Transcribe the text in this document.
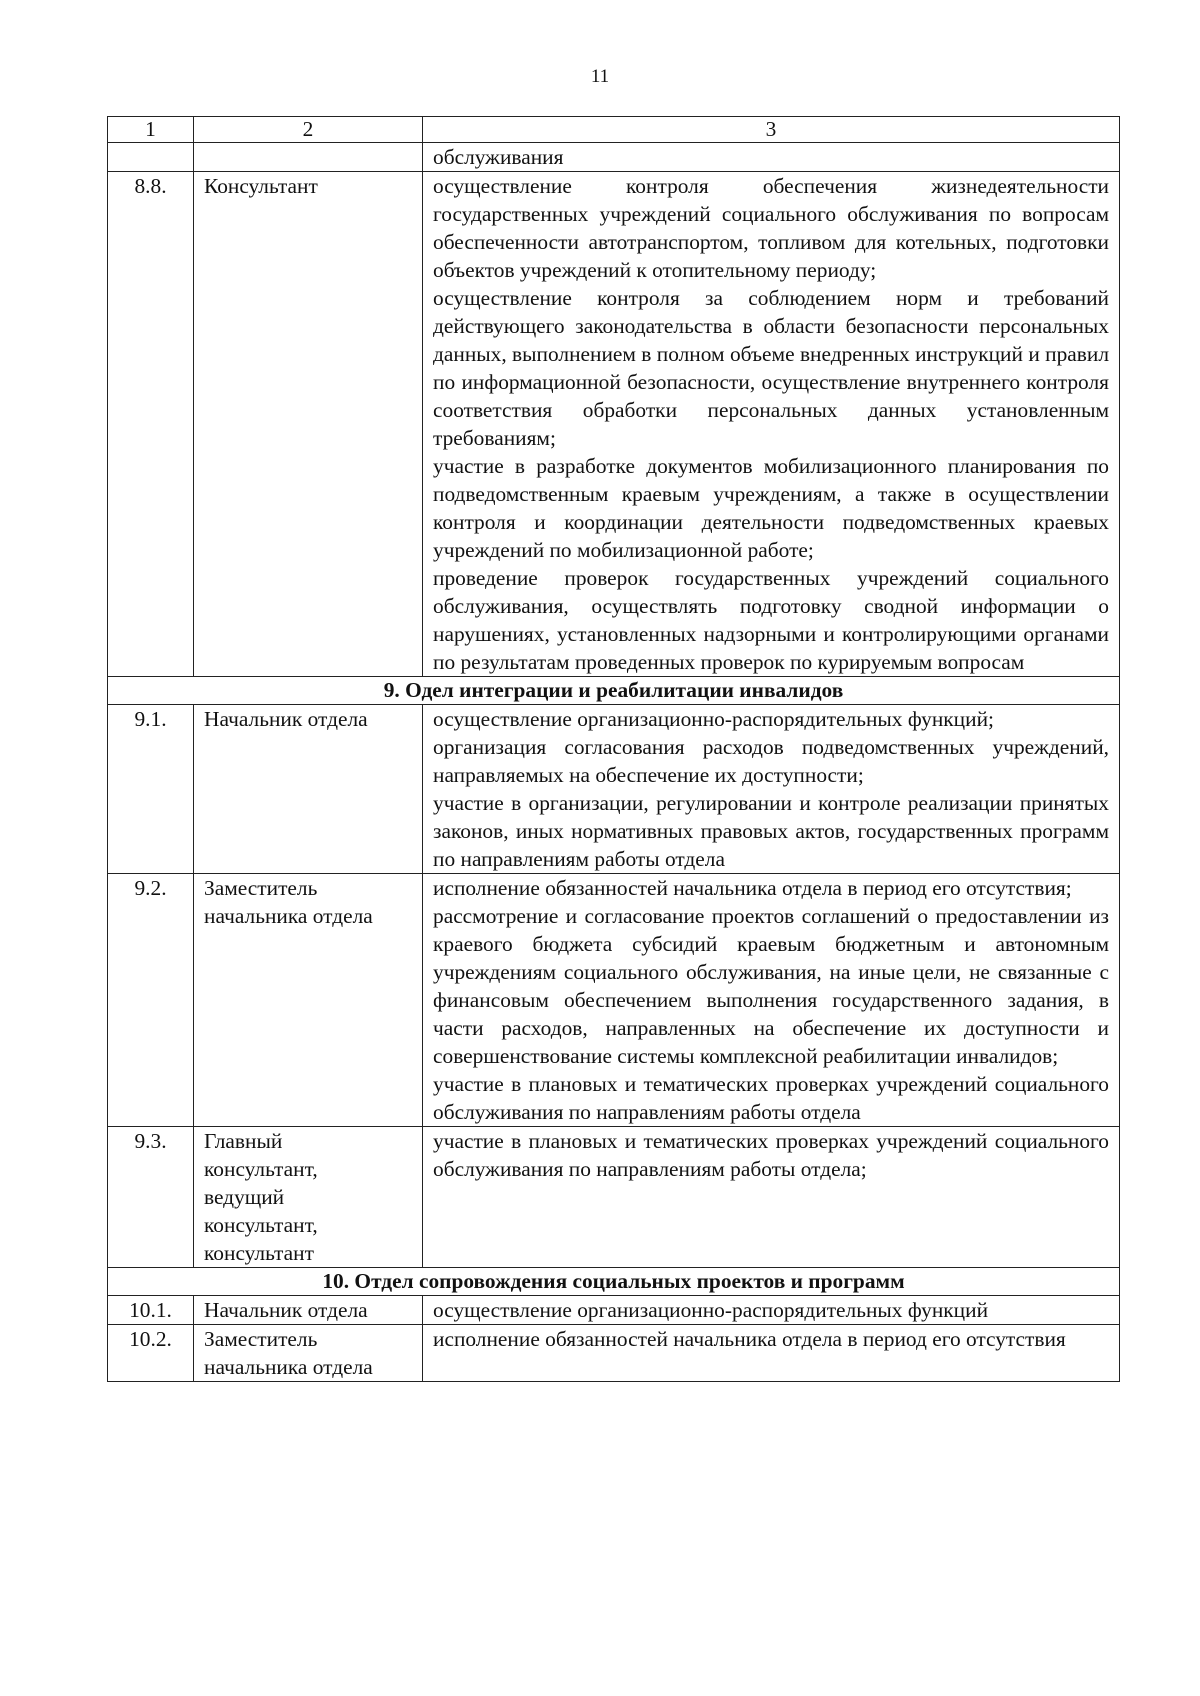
11
1	2	3

		обслуживания

8.8.	Консультант	осуществление контроля обеспечения жизнедеятельности государственных учреждений социального обслуживания по вопросам обеспеченности автотранспортом, топливом для котельных, подготовки объектов учреждений к отопительному периоду;
осуществление контроля за соблюдением норм и требований действующего законодательства в области безопасности персональных данных, выполнением в полном объеме внедренных инструкций и правил по информационной безопасности, осуществление внутреннего контроля соответствия обработки персональных данных установленным требованиям;
участие в разработке документов мобилизационного планирования по подведомственным краевым учреждениям, а также в осуществлении контроля и координации деятельности подведомственных краевых учреждений по мобилизационной работе;
проведение проверок государственных учреждений социального обслуживания, осуществлять подготовку сводной информации о нарушениях, установленных надзорными и контролирующими органами по результатам проведенных проверок по курируемым вопросам

9. Одел интеграции и реабилитации инвалидов		
9.1.	Начальник отдела	осуществление организационно-распорядительных функций;
организация согласования расходов подведомственных учреждений, направляемых на обеспечение их доступности;
участие в организации, регулировании и контроле реализации принятых законов, иных нормативных правовых актов, государственных программ по направлениям работы отдела

9.2.	Заместитель
начальника отдела	исполнение обязанностей начальника отдела в период его отсутствия;
рассмотрение и согласование проектов соглашений о предоставлении из краевого бюджета субсидий краевым бюджетным и автономным учреждениям социального обслуживания, на иные цели, не связанные с финансовым обеспечением выполнения государственного задания, в части расходов, направленных на обеспечение их доступности и совершенствование системы комплексной реабилитации инвалидов;
участие в плановых и тематических проверках учреждений социального обслуживания по направлениям работы отдела

9.3.	Главный
консультант,
ведущий
консультант,
консультант	участие в плановых и тематических проверках учреждений социального обслуживания по направлениям работы отдела;

10. Отдел сопровождения социальных проектов и программ		
10.1.	Начальник отдела	осуществление организационно-распорядительных функций

10.2.	Заместитель
начальника отдела	исполнение обязанностей начальника отдела в период его отсутствия
